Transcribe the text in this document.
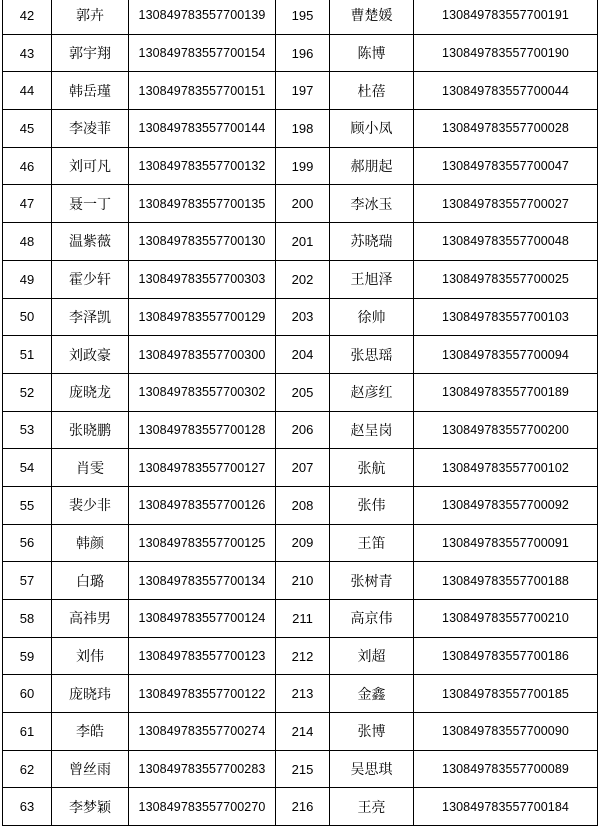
42	郭卉	130849783557700139	195	曹楚媛	130849783557700191
43	郭宇翔	130849783557700154	196	陈博	130849783557700190
44	韩岳瑾	130849783557700151	197	杜蓓	130849783557700044
45	李凌菲	130849783557700144	198	顾小凤	130849783557700028
46	刘可凡	130849783557700132	199	郝朋起	130849783557700047
47	聂一丁	130849783557700135	200	李冰玉	130849783557700027
48	温紫薇	130849783557700130	201	苏晓瑞	130849783557700048
49	霍少轩	130849783557700303	202	王旭泽	130849783557700025
50	李泽凯	130849783557700129	203	徐帅	130849783557700103
51	刘政豪	130849783557700300	204	张思瑶	130849783557700094
52	庞晓龙	130849783557700302	205	赵彦红	130849783557700189
53	张晓鹏	130849783557700128	206	赵呈岗	130849783557700200
54	肖雯	130849783557700127	207	张航	130849783557700102
55	裴少非	130849783557700126	208	张伟	130849783557700092
56	韩颜	130849783557700125	209	王笛	130849783557700091
57	白璐	130849783557700134	210	张树青	130849783557700188
58	高祎男	130849783557700124	211	高京伟	130849783557700210
59	刘伟	130849783557700123	212	刘超	130849783557700186
60	庞晓玮	130849783557700122	213	金鑫	130849783557700185
61	李皓	130849783557700274	214	张博	130849783557700090
62	曾丝雨	130849783557700283	215	吴思琪	130849783557700089
63	李梦颖	130849783557700270	216	王亮	130849783557700184
